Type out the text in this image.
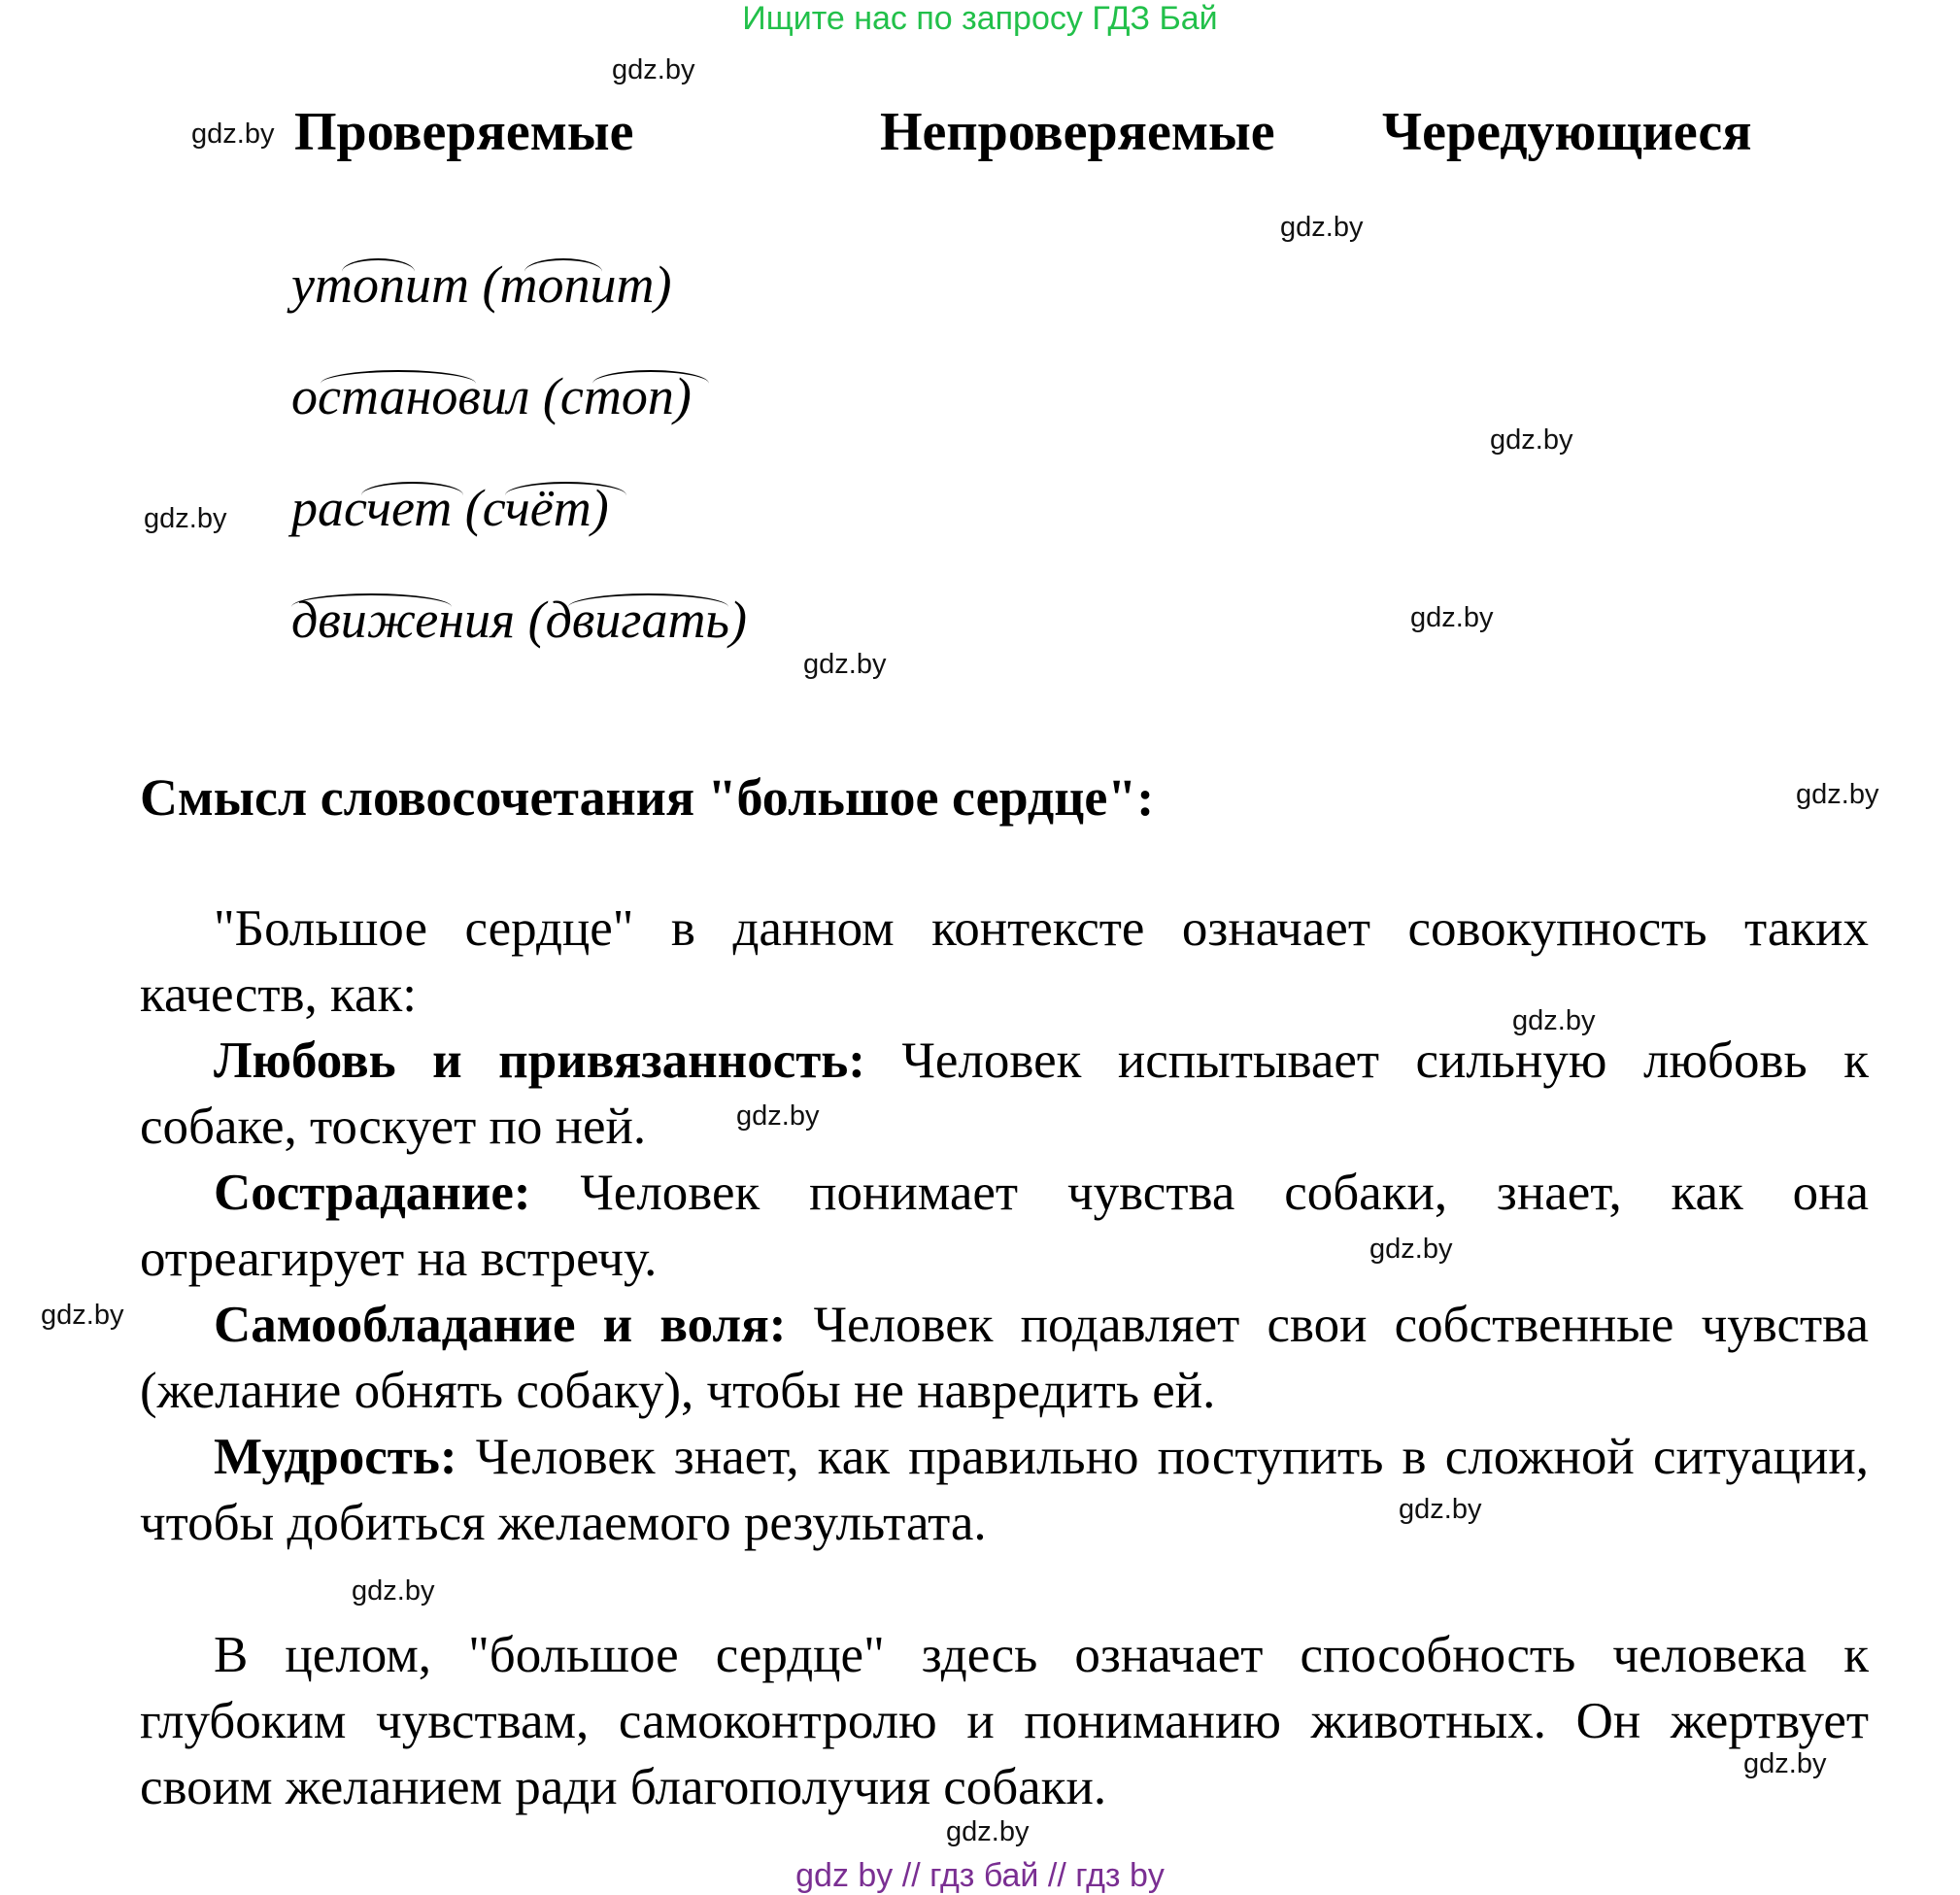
Ищите нас по запросу ГДЗ Бай
gdz.by
gdz.by
gdz.by
gdz.by
gdz.by
gdz.by
gdz.by
gdz.by
gdz.by
gdz.by
gdz.by
gdz.by
gdz.by
gdz.by
gdz.by
gdz.by
Проверяемые	Непроверяемые Чередующиеся
утопит (топит)
остановил (стоп)
расчет (счёт)
движения (двигать)
Смысл словосочетания "большое сердце":
"Большое сердце" в данном контексте означает совокупность таких качеств, как:
Любовь и привязанность: Человек испытывает сильную любовь к собаке, тоскует по ней.
Сострадание: Человек понимает чувства собаки, знает, как она отреагирует на встречу.
Самообладание и воля: Человек подавляет свои собственные чувства (желание обнять собаку), чтобы не навредить ей.
Мудрость: Человек знает, как правильно поступить в сложной ситуации, чтобы добиться желаемого результата.
В целом, "большое сердце" здесь означает способность человека к глубоким чувствам, самоконтролю и пониманию животных. Он жертвует своим желанием ради благополучия собаки.
gdz by // гдз бай // гдз by
